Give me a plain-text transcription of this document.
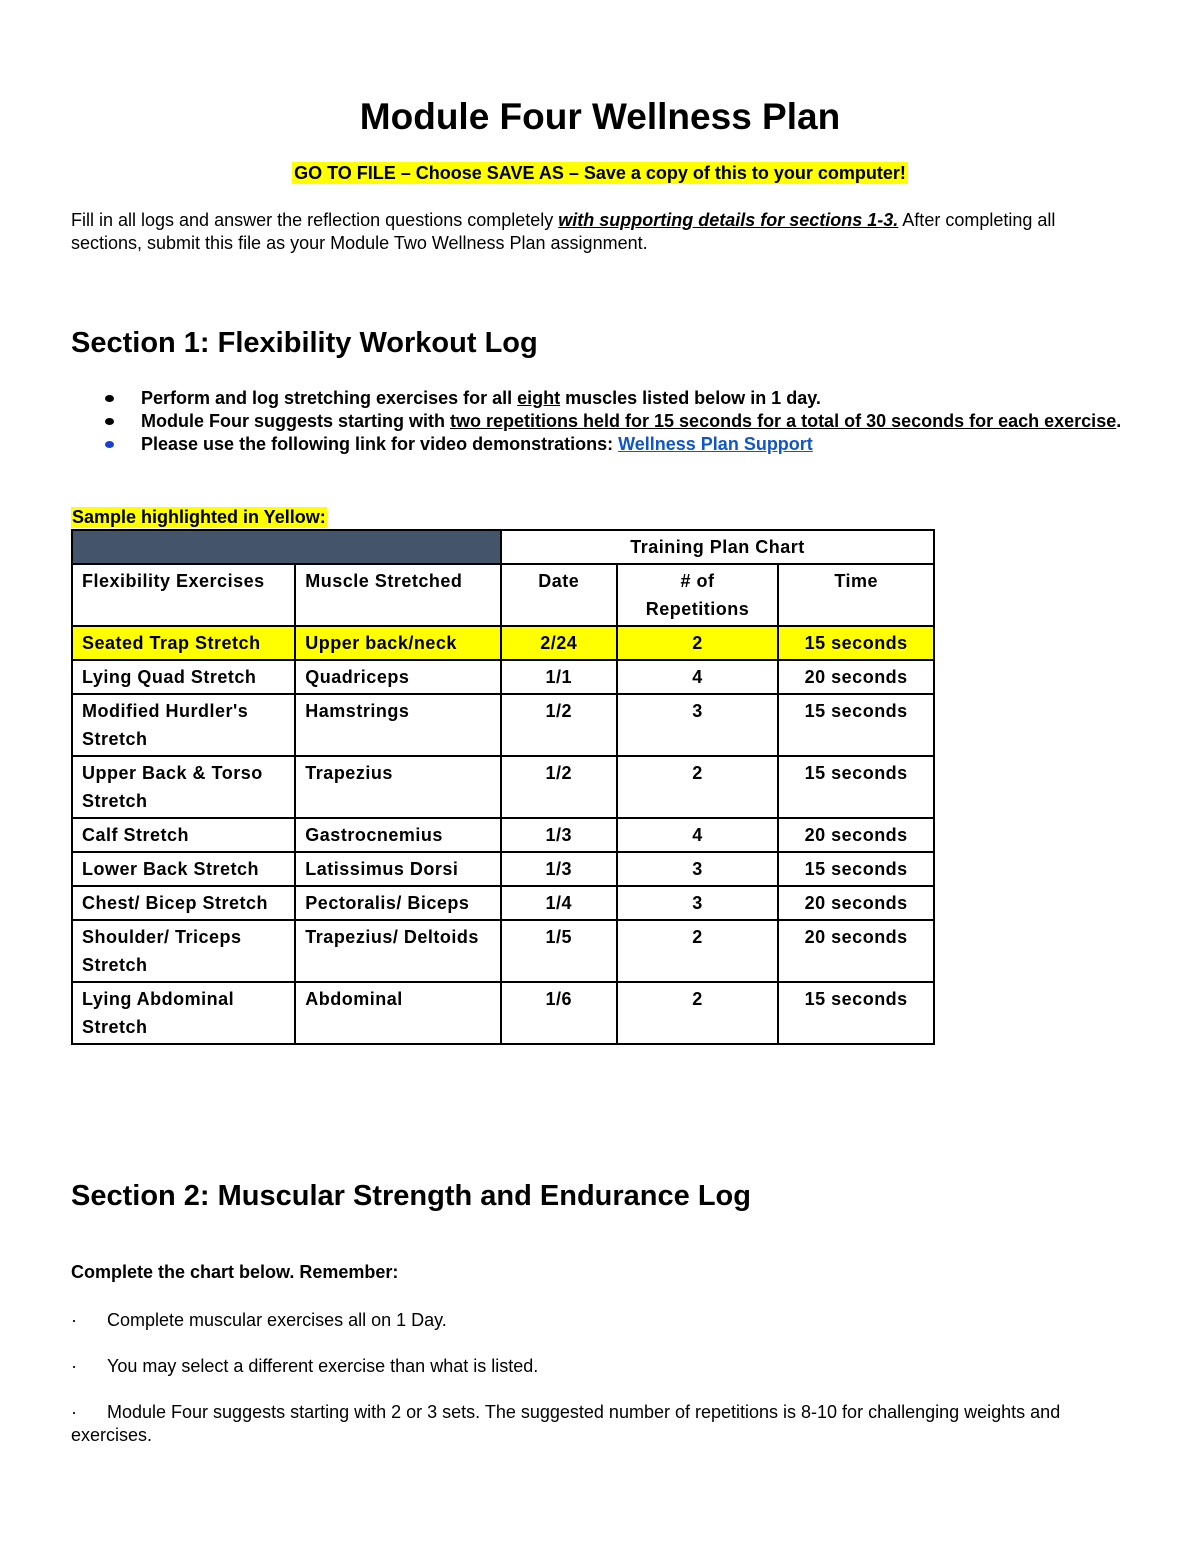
Module Four Wellness Plan
GO TO FILE – Choose SAVE AS – Save a copy of this to your computer!

Fill in all logs and answer the reflection questions completely with supporting details for sections 1-3. After completing all sections, submit this file as your Module Two Wellness Plan assignment.

Section 1: Flexibility Workout Log
Perform and log stretching exercises for all eight muscles listed below in 1 day.
Module Four suggests starting with two repetitions held for 15 seconds for a total of 30 seconds for each exercise.
Please use the following link for video demonstrations: Wellness Plan Support
Sample highlighted in Yellow:
		Training Plan Chart		
Flexibility Exercises	Muscle Stretched	Date	# of Repetitions	Time
Seated Trap Stretch	Upper back/neck	2/24	2	15 seconds
Lying Quad Stretch	Quadriceps	1/1	4	20 seconds
Modified Hurdler's Stretch	Hamstrings	1/2	3	15 seconds
Upper Back & Torso Stretch	Trapezius	1/2	2	15 seconds
Calf Stretch	Gastrocnemius	1/3	4	20 seconds
Lower Back Stretch	Latissimus Dorsi	1/3	3	15 seconds
Chest/ Bicep Stretch	Pectoralis/ Biceps	1/4	3	20 seconds
Shoulder/ Triceps Stretch	Trapezius/ Deltoids	1/5	2	20 seconds
Lying Abdominal Stretch	Abdominal	1/6	2	15 seconds
Section 2: Muscular Strength and Endurance Log

Complete the chart below. Remember:

· Complete muscular exercises all on 1 Day.
· You may select a different exercise than what is listed.
· Module Four suggests starting with 2 or 3 sets. The suggested number of repetitions is 8-10 for challenging weights and exercises.
